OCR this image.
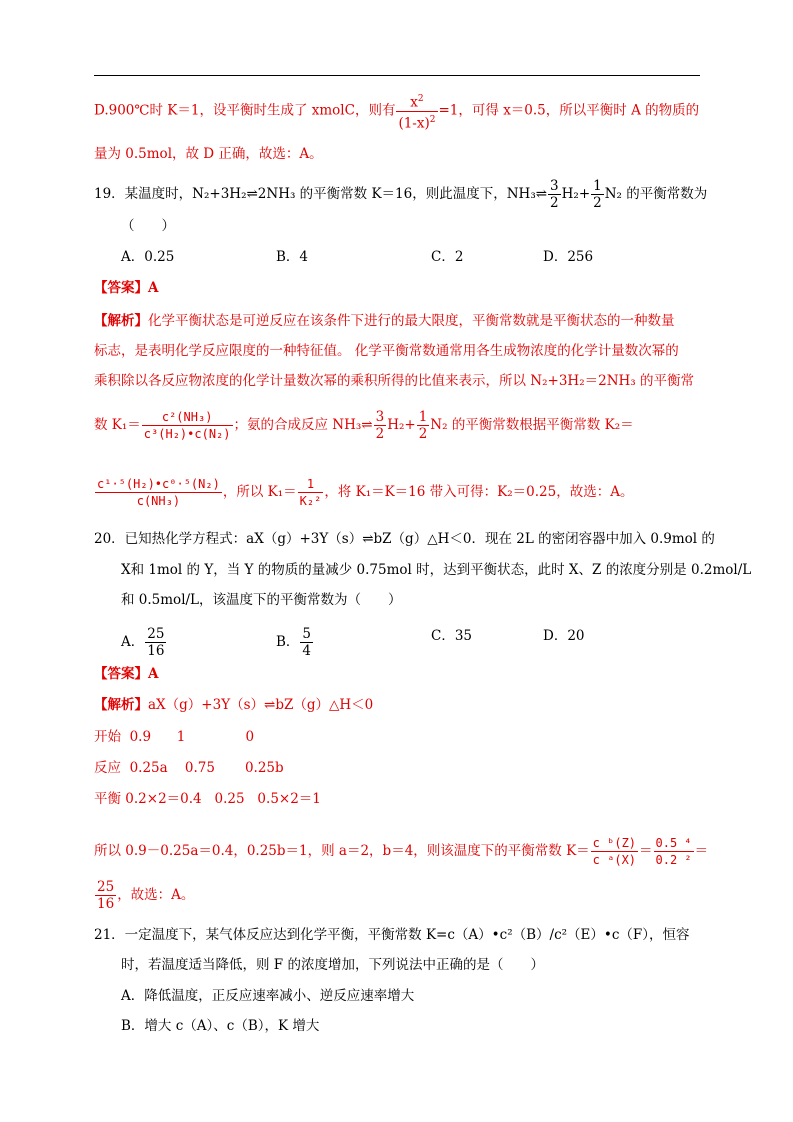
D.900℃时 K＝1，设平衡时生成了 xmolC，则有 $\frac{x^2}{(1-x)^2} =1$，可得 x＝0.5，所以平衡时 A 的物质的
量为 0.5mol，故 D 正确，故选：A。
19．某温度时，N₂+3H₂⇌2NH₃ 的平衡常数 K＝16，则此温度下，NH₃⇌ $\frac{3}{2} H_2+ \frac{1}{2} N_2$ 的平衡常数为
（　　）
A．0.25	B．4	C．2	D．256
【答案】A
【解析】化学平衡状态是可逆反应在该条件下进行的最大限度，平衡常数就是平衡状态的一种数量
标志，是表明化学反应限度的一种特征值。 化学平衡常数通常用各生成物浓度的化学计量数次幂的
乘积除以各反应物浓度的化学计量数次幂的乘积所得的比值来表示，所以 N₂+3H₂＝2NH₃ 的平衡常
数 $K_1= \frac{\text{c²(NH₃)}}{\text{c³(H₂)•c(N₂)}}$ ；氨的合成反应 NH₃⇌ $\frac{3}{2} H_2+ \frac{1}{2} N_2$ 的平衡常数根据平衡常数 K₂＝
$\frac{\text{c¹·⁵(H₂)•c⁰·⁵(N₂)}}{\text{c(NH₃)}}$ ，所以 $K_1= \frac{1}{\text{K₂²}}$ ，将 K₁＝K＝16 带入可得：K₂＝0.25，故选：A。
20．已知热化学方程式：aX（g）+3Y（s）⇌bZ（g）△H＜0．现在 2L 的密闭容器中加入 0.9mol 的
X和 1mol 的 Y，当 Y 的物质的量减少 0.75mol 时，达到平衡状态，此时 X、Z 的浓度分别是 0.2mol/L
和 0.5mol/L，该温度下的平衡常数为（　　）
A． $\frac{25}{16}$	B． $\frac{5}{4}$	C．35	D．20
【答案】A
【解析】aX（g）+3Y（s）⇌bZ（g）△H＜0
开始  0.9      1              0
反应  0.25a    0.75       0.25b
平衡 0.2×2＝0.4   0.25   0.5×2＝1
所以 0.9－0.25a＝0.4，0.25b＝1，则 a＝2，b＝4，则该温度下的平衡常数 $K= \frac{\text{c ᵇ(Z)}}{\text{c ᵃ(X)}} = \frac{\text{0.5 ⁴}}{\text{0.2 ²}}$ ＝
$\frac{25}{16}$ ，故选：A。
21．一定温度下，某气体反应达到化学平衡，平衡常数 K=c（A）•c²（B）/c²（E）•c（F），恒容
时，若温度适当降低，则 F 的浓度增加，下列说法中正确的是（　　）
A．降低温度，正反应速率减小、逆反应速率增大
B．增大 c（A）、c（B），K 增大
